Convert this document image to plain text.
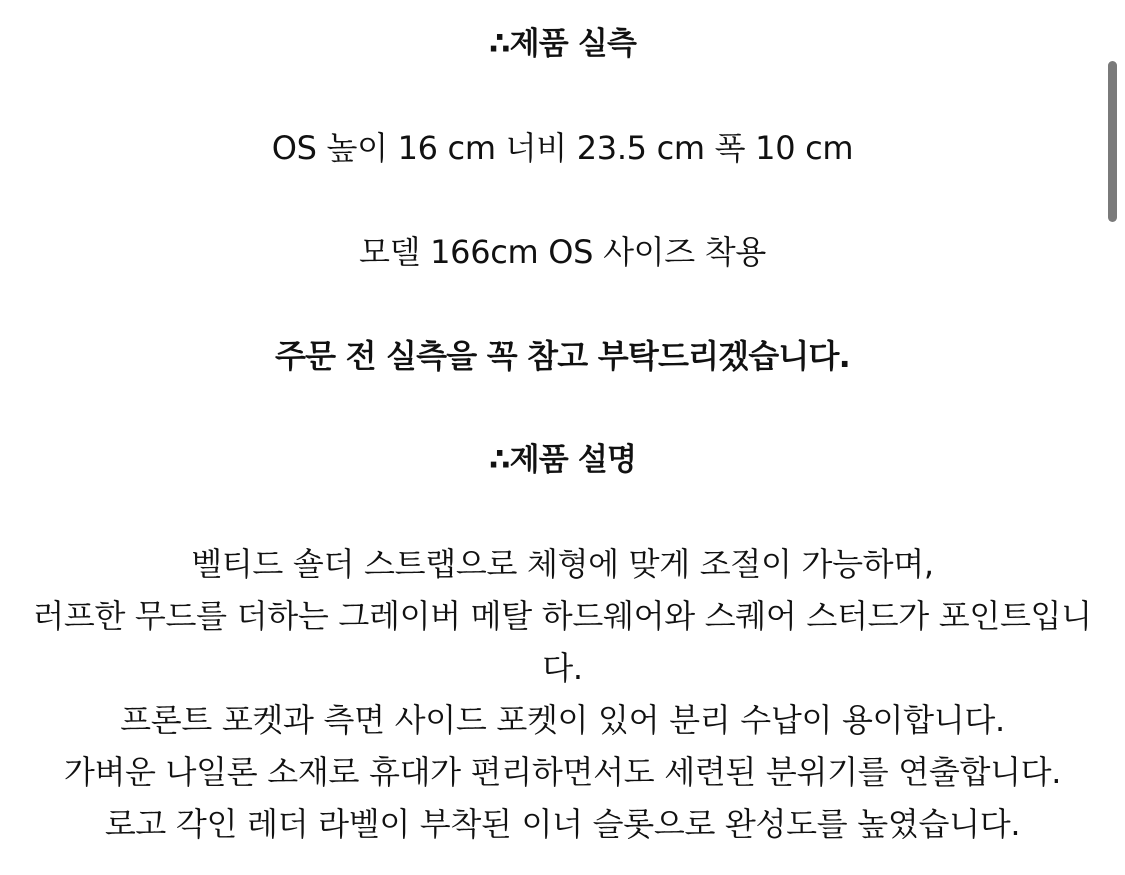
∴제품 실측
OS 높이 16 cm 너비 23.5 cm 폭 10 cm
모델 166cm OS 사이즈 착용
주문 전 실측을 꼭 참고 부탁드리겠습니다.
∴제품 설명
벨티드 숄더 스트랩으로 체형에 맞게 조절이 가능하며,
러프한 무드를 더하는 그레이버 메탈 하드웨어와 스퀘어 스터드가 포인트입니다.
프론트 포켓과 측면 사이드 포켓이 있어 분리 수납이 용이합니다.
가벼운 나일론 소재로 휴대가 편리하면서도 세련된 분위기를 연출합니다.
로고 각인 레더 라벨이 부착된 이너 슬롯으로 완성도를 높였습니다.
